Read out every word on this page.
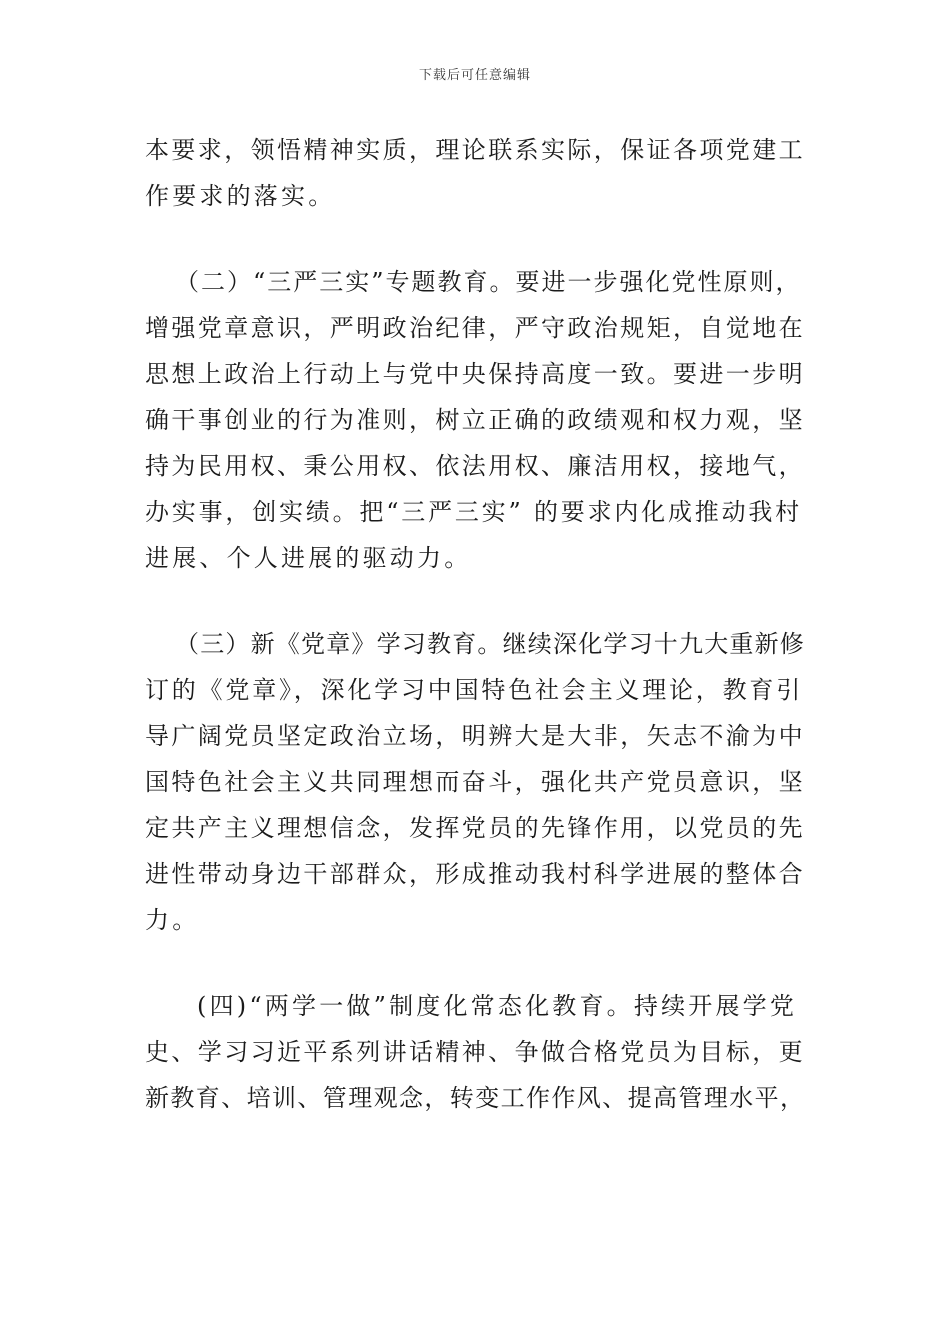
下载后可任意编辑
本要求，领悟精神实质，理论联系实际，保证各项党建工
作要求的落实。
（二）“三严三实”专题教育。要进一步强化党性原则，
增强党章意识，严明政治纪律，严守政治规矩，自觉地在
思想上政治上行动上与党中央保持高度一致。要进一步明
确干事创业的行为准则，树立正确的政绩观和权力观，坚
持为民用权、秉公用权、依法用权、廉洁用权，接地气，
办实事，创实绩。把“三严三实” 的要求内化成推动我村
进展、个人进展的驱动力。
（三）新《党章》学习教育。继续深化学习十九大重新修
订的《党章》，深化学习中国特色社会主义理论，教育引
导广阔党员坚定政治立场，明辨大是大非，矢志不渝为中
国特色社会主义共同理想而奋斗，强化共产党员意识，坚
定共产主义理想信念，发挥党员的先锋作用，以党员的先
进性带动身边干部群众，形成推动我村科学进展的整体合
力。
(四)“两学一做”制度化常态化教育。持续开展学党
史、学习习近平系列讲话精神、争做合格党员为目标，更
新教育、培训、管理观念，转变工作作风、提高管理水平，
